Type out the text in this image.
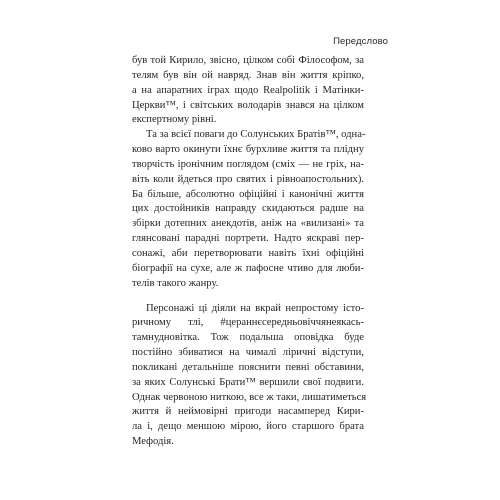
Передслово
був той Кирило, звісно, цілком собі Філософом, за
телям був він ой навряд. Знав він життя кріпко,
а на апаратних іграх щодо Realpolitik і Матінки-
Церкви™, і світських володарів знався на цілком
експертному рівні.
Та за всієї поваги до Солунських Братів™, одна-
ково варто окинути їхнє бурхливе життя та плідну
творчість іронічним поглядом (сміх — не гріх, на-
віть коли йдеться про святих і рівноапостольних).
Ба більше, абсолютно офіційні і канонічні життя
цих достойників направду скидаються радше на
збірки дотепних анекдотів, аніж на «вилизані» та
глянсовані парадні портрети. Надто яскраві пер-
сонажі, аби перетворювати навіть їхні офіційні
біографії на сухе, але ж пафосне чтиво для люби-
телів такого жанру.
Персонажі ці діяли на вкрай непростому істо-
ричному тлі, #цераннєсередньовіччянеякась-
тамнудновітка. Тож подальша оповідка буде
постійно збиватися на чималі ліричні відступи,
покликані детальніше пояснити певні обставини,
за яких Солунські Брати™ вершили свої подвиги.
Однак червоною ниткою, все ж таки, лишатиметься
життя й неймовірні пригоди насамперед Кири-
ла і, дещо меншою мірою, його старшого брата
Мефодія.
